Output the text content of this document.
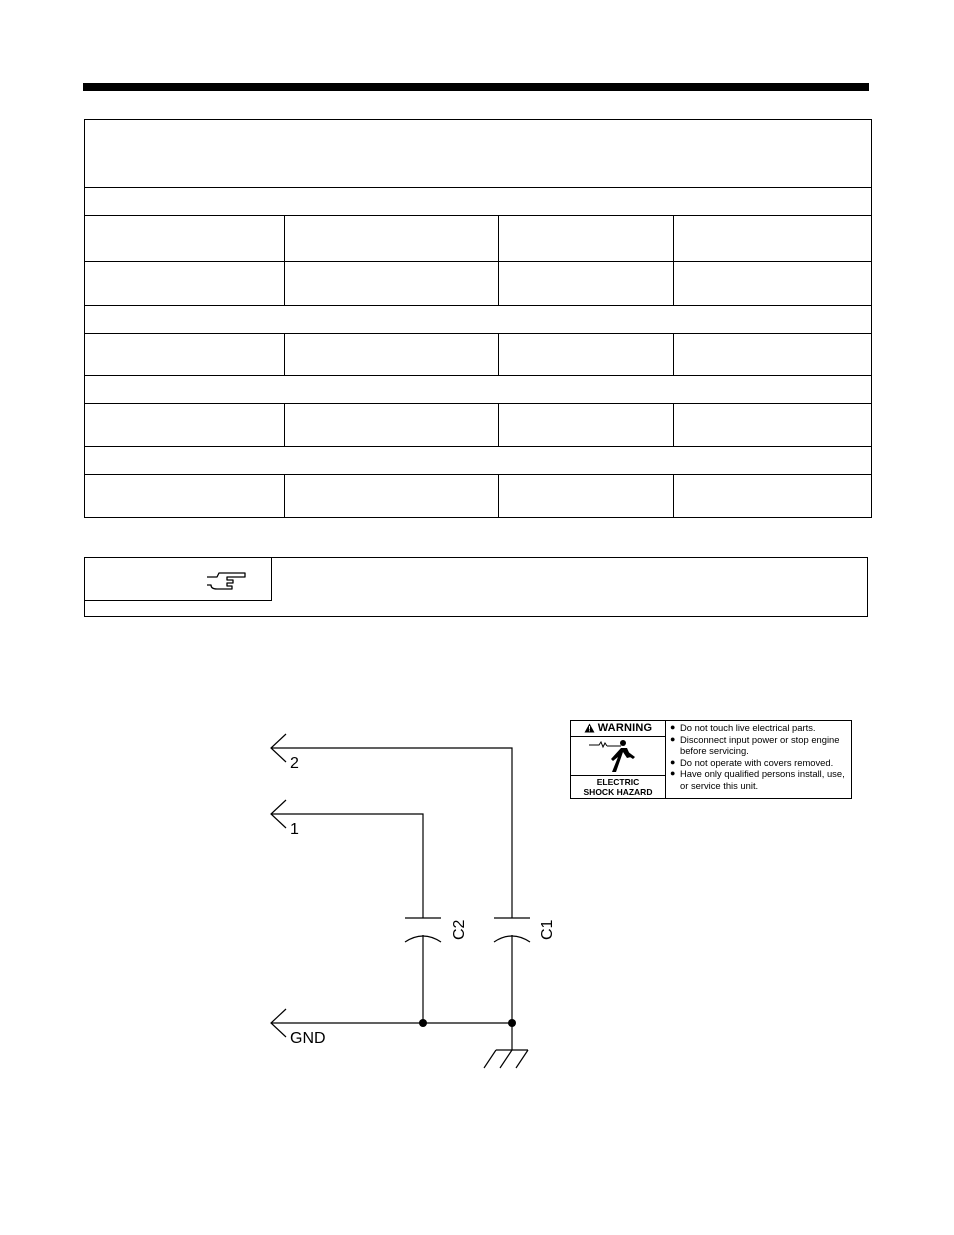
2
1
GND
C2	C1
WARNING
ELECTRIC
SHOCK HAZARD
● Do not touch live electrical parts.
● Disconnect input power or stop engine before servicing.
● Do not operate with covers removed.
● Have only qualified persons install, use, or service this unit.
